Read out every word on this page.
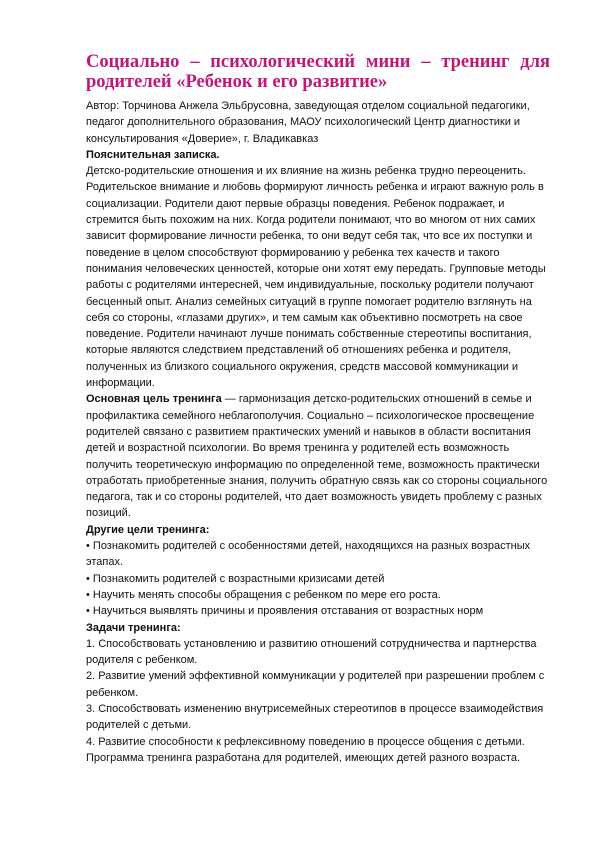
Социально – психологический мини – тренинг для родителей «Ребенок и его развитие»

Автор: Торчинова Анжела Эльбрусовна, заведующая отделом социальной педагогики, педагог дополнительного образования, МАОУ психологический Центр диагностики и консультирования «Доверие», г. Владикавказ

Пояснительная записка.

Детско-родительские отношения и их влияние на жизнь ребенка трудно переоценить. Родительское внимание и любовь формируют личность ребенка и играют важную роль в социализации. Родители дают первые образцы поведения. Ребенок подражает, и стремится быть похожим на них. Когда родители понимают, что во многом от них самих зависит формирование личности ребенка, то они ведут себя так, что все их поступки и поведение в целом способствуют формированию у ребенка тех качеств и такого понимания человеческих ценностей, которые они хотят ему передать. Групповые методы работы с родителями интересней, чем индивидуальные, поскольку родители получают бесценный опыт. Анализ семейных ситуаций в группе помогает родителю взглянуть на себя со стороны, «глазами других», и тем самым как объективно посмотреть на свое поведение. Родители начинают лучше понимать собственные стереотипы воспитания, которые являются следствием представлений об отношениях ребенка и родителя, полученных из близкого социального окружения, средств массовой коммуникации и информации.

Основная цель тренинга — гармонизация детско-родительских отношений в семье и профилактика семейного неблагополучия. Социально – психологическое просвещение родителей связано с развитием практических умений и навыков в области воспитания детей и возрастной психологии. Во время тренинга у родителей есть возможность получить теоретическую информацию по определенной теме, возможность практически отработать приобретенные знания, получить обратную связь как со стороны социального педагога, так и со стороны родителей, что дает возможность увидеть проблему с разных позиций.

Другие цели тренинга:

• Познакомить родителей с особенностями детей, находящихся на разных возрастных этапах.

• Познакомить родителей с возрастными кризисами детей

• Научить менять способы обращения с ребенком по мере его роста.

• Научиться выявлять причины и проявления отставания от возрастных норм

Задачи тренинга:

1. Способствовать установлению и развитию отношений сотрудничества и партнерства родителя с ребенком.

2. Развитие умений эффективной коммуникации у родителей при разрешении проблем с ребенком.

3. Способствовать изменению внутрисемейных стереотипов в процессе взаимодействия родителей с детьми.

4. Развитие способности к рефлексивному поведению в процессе общения с детьми.

Программа тренинга разработана для родителей, имеющих детей разного возраста.
